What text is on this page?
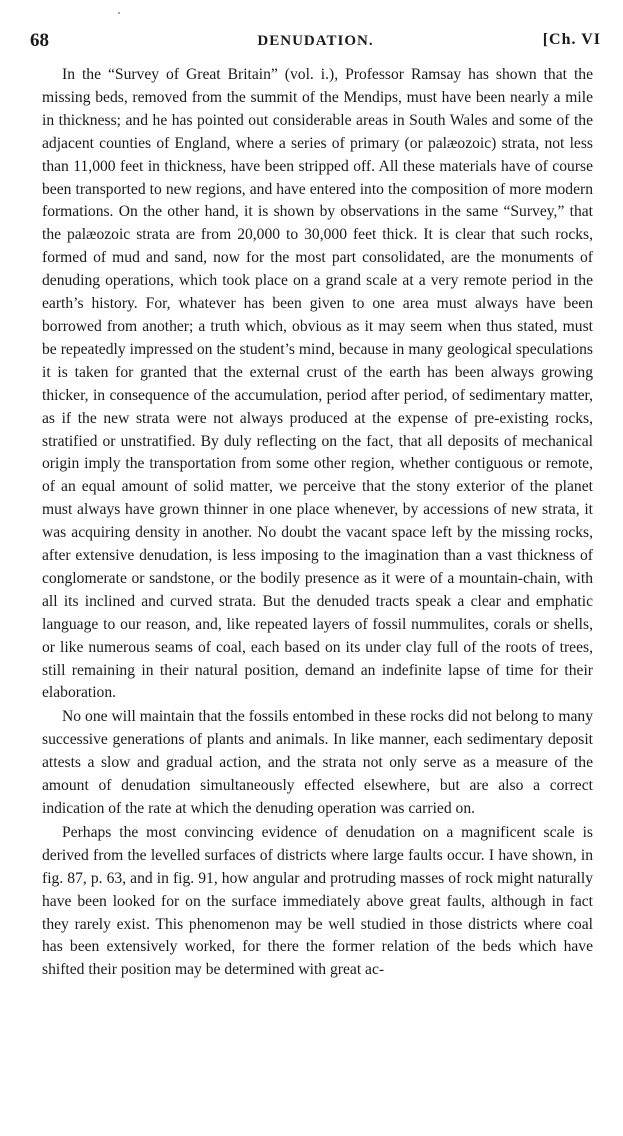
68	DENUDATION.	[Ch. VI

In the “Survey of Great Britain” (vol. i.), Professor Ramsay has shown that the missing beds, removed from the summit of the Mendips, must have been nearly a mile in thickness; and he has pointed out considerable areas in South Wales and some of the adjacent counties of England, where a series of primary (or palæozoic) strata, not less than 11,000 feet in thickness, have been stripped off. All these materials have of course been transported to new regions, and have entered into the composition of more modern formations. On the other hand, it is shown by observations in the same “Survey,” that the palæozoic strata are from 20,000 to 30,000 feet thick. It is clear that such rocks, formed of mud and sand, now for the most part consolidated, are the monuments of denuding operations, which took place on a grand scale at a very remote period in the earth’s history. For, whatever has been given to one area must always have been borrowed from another; a truth which, obvious as it may seem when thus stated, must be repeatedly impressed on the student’s mind, because in many geological speculations it is taken for granted that the external crust of the earth has been always growing thicker, in consequence of the accumulation, period after period, of sedimentary matter, as if the new strata were not always produced at the expense of pre-existing rocks, stratified or unstratified. By duly reflecting on the fact, that all deposits of mechanical origin imply the transportation from some other region, whether contiguous or remote, of an equal amount of solid matter, we perceive that the stony exterior of the planet must always have grown thinner in one place whenever, by accessions of new strata, it was acquiring density in another. No doubt the vacant space left by the missing rocks, after extensive denudation, is less imposing to the imagination than a vast thickness of conglomerate or sandstone, or the bodily presence as it were of a mountain-chain, with all its inclined and curved strata. But the denuded tracts speak a clear and emphatic language to our reason, and, like repeated layers of fossil nummulites, corals or shells, or like numerous seams of coal, each based on its under clay full of the roots of trees, still remaining in their natural position, demand an indefinite lapse of time for their elaboration.

No one will maintain that the fossils entombed in these rocks did not belong to many successive generations of plants and animals. In like manner, each sedimentary deposit attests a slow and gradual action, and the strata not only serve as a measure of the amount of denudation simultaneously effected elsewhere, but are also a correct indication of the rate at which the denuding operation was carried on.

Perhaps the most convincing evidence of denudation on a magnificent scale is derived from the levelled surfaces of districts where large faults occur. I have shown, in fig. 87, p. 63, and in fig. 91, how angular and protruding masses of rock might naturally have been looked for on the surface immediately above great faults, although in fact they rarely exist. This phenomenon may be well studied in those districts where coal has been extensively worked, for there the former relation of the beds which have shifted their position may be determined with great ac-
